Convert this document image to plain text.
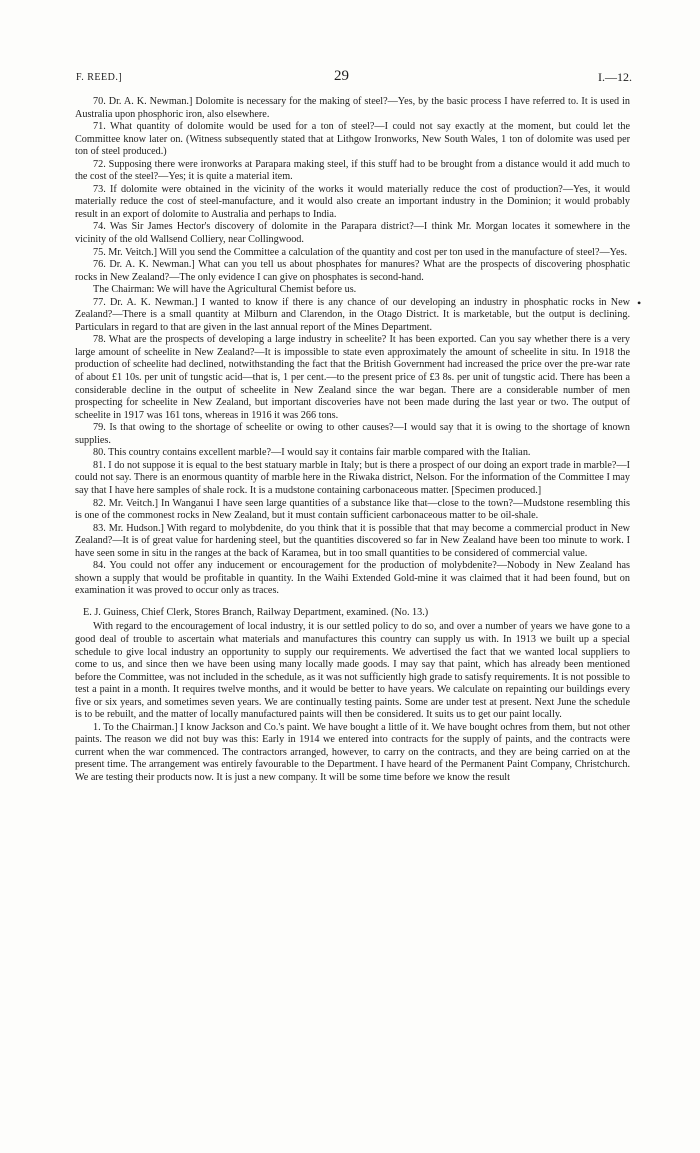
F. REED.]	29	I.—12.
•

70. Dr. A. K. Newman.] Dolomite is necessary for the making of steel?—Yes, by the basic process I have referred to. It is used in Australia upon phosphoric iron, also elsewhere.

71. What quantity of dolomite would be used for a ton of steel?—I could not say exactly at the moment, but could let the Committee know later on. (Witness subsequently stated that at Lithgow Ironworks, New South Wales, 1 ton of dolomite was used per ton of steel produced.)

72. Supposing there were ironworks at Parapara making steel, if this stuff had to be brought from a distance would it add much to the cost of the steel?—Yes; it is quite a material item.

73. If dolomite were obtained in the vicinity of the works it would materially reduce the cost of production?—Yes, it would materially reduce the cost of steel-manufacture, and it would also create an important industry in the Dominion; it would probably result in an export of dolomite to Australia and perhaps to India.

74. Was Sir James Hector's discovery of dolomite in the Parapara district?—I think Mr. Morgan locates it somewhere in the vicinity of the old Wallsend Colliery, near Collingwood.

75. Mr. Veitch.] Will you send the Committee a calculation of the quantity and cost per ton used in the manufacture of steel?—Yes.

76. Dr. A. K. Newman.] What can you tell us about phosphates for manures? What are the prospects of discovering phosphatic rocks in New Zealand?—The only evidence I can give on phosphates is second-hand.

The Chairman: We will have the Agricultural Chemist before us.

77. Dr. A. K. Newman.] I wanted to know if there is any chance of our developing an industry in phosphatic rocks in New Zealand?—There is a small quantity at Milburn and Clarendon, in the Otago District. It is marketable, but the output is declining. Particulars in regard to that are given in the last annual report of the Mines Department.

78. What are the prospects of developing a large industry in scheelite? It has been exported. Can you say whether there is a very large amount of scheelite in New Zealand?—It is impossible to state even approximately the amount of scheelite in situ. In 1918 the production of scheelite had declined, notwithstanding the fact that the British Government had increased the price over the pre-war rate of about £1 10s. per unit of tungstic acid—that is, 1 per cent.—to the present price of £3 8s. per unit of tungstic acid. There has been a considerable decline in the output of scheelite in New Zealand since the war began. There are a considerable number of men prospecting for scheelite in New Zealand, but important discoveries have not been made during the last year or two. The output of scheelite in 1917 was 161 tons, whereas in 1916 it was 266 tons.

79. Is that owing to the shortage of scheelite or owing to other causes?—I would say that it is owing to the shortage of known supplies.

80. This country contains excellent marble?—I would say it contains fair marble compared with the Italian.

81. I do not suppose it is equal to the best statuary marble in Italy; but is there a prospect of our doing an export trade in marble?—I could not say. There is an enormous quantity of marble here in the Riwaka district, Nelson. For the information of the Committee I may say that I have here samples of shale rock. It is a mudstone containing carbonaceous matter. [Specimen produced.]

82. Mr. Veitch.] In Wanganui I have seen large quantities of a substance like that—close to the town?—Mudstone resembling this is one of the commonest rocks in New Zealand, but it must contain sufficient carbonaceous matter to be oil-shale.

83. Mr. Hudson.] With regard to molybdenite, do you think that it is possible that that may become a commercial product in New Zealand?—It is of great value for hardening steel, but the quantities discovered so far in New Zealand have been too minute to work. I have seen some in situ in the ranges at the back of Karamea, but in too small quantities to be considered of commercial value.

84. You could not offer any inducement or encouragement for the production of molybdenite?—Nobody in New Zealand has shown a supply that would be profitable in quantity. In the Waihi Extended Gold-mine it was claimed that it had been found, but on examination it was proved to occur only as traces.

E. J. Guiness, Chief Clerk, Stores Branch, Railway Department, examined. (No. 13.)

With regard to the encouragement of local industry, it is our settled policy to do so, and over a number of years we have gone to a good deal of trouble to ascertain what materials and manufactures this country can supply us with. In 1913 we built up a special schedule to give local industry an opportunity to supply our requirements. We advertised the fact that we wanted local suppliers to come to us, and since then we have been using many locally made goods. I may say that paint, which has already been mentioned before the Committee, was not included in the schedule, as it was not sufficiently high grade to satisfy requirements. It is not possible to test a paint in a month. It requires twelve months, and it would be better to have years. We calculate on repainting our buildings every five or six years, and sometimes seven years. We are continually testing paints. Some are under test at present. Next June the schedule is to be rebuilt, and the matter of locally manufactured paints will then be considered. It suits us to get our paint locally.

1. To the Chairman.] I know Jackson and Co.'s paint. We have bought a little of it. We have bought ochres from them, but not other paints. The reason we did not buy was this: Early in 1914 we entered into contracts for the supply of paints, and the contracts were current when the war commenced. The contractors arranged, however, to carry on the contracts, and they are being carried on at the present time. The arrangement was entirely favourable to the Department. I have heard of the Permanent Paint Company, Christchurch. We are testing their products now. It is just a new company. It will be some time before we know the result
